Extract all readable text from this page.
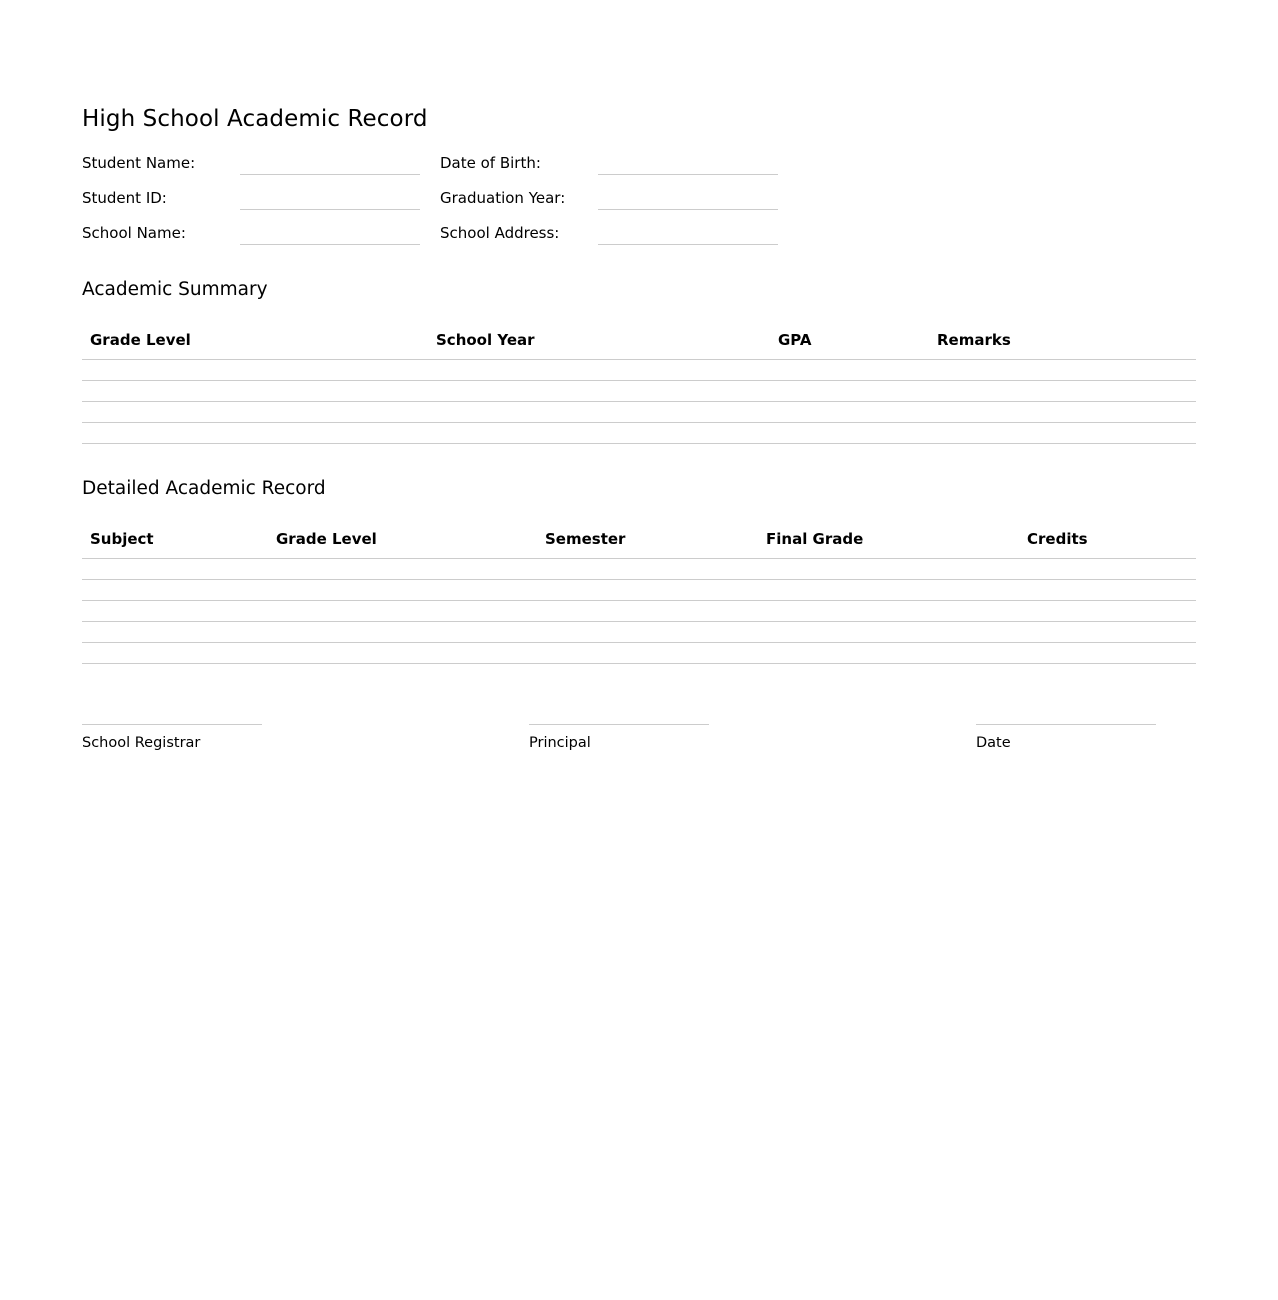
High School Academic Record
Student Name:	Date of Birth:
Student ID:	Graduation Year:
School Name:	School Address:
Academic Summary
Grade Level	School Year	GPA	Remarks

Detailed Academic Record
Subject	Grade Level	Semester	Final Grade	Credits

School Registrar	Principal	Date
